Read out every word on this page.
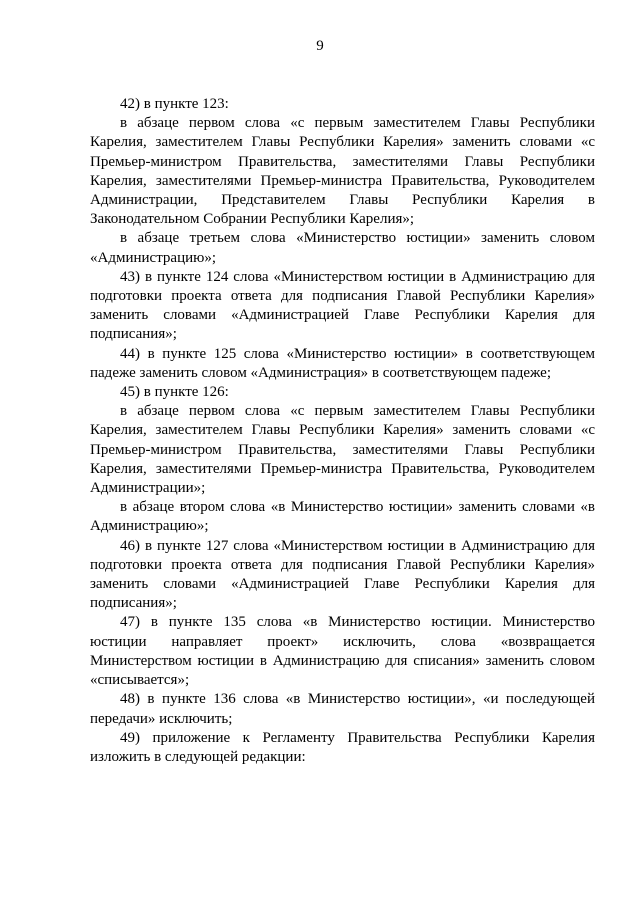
9

42) в пункте 123:

в абзаце первом слова «с первым заместителем Главы Республики Карелия, заместителем Главы Республики Карелия» заменить словами «с Премьер-министром Правительства, заместителями Главы Республики Карелия, заместителями Премьер-министра Правительства, Руководителем Администрации, Представителем Главы Республики Карелия в Законодательном Собрании Республики Карелия»;

в абзаце третьем слова «Министерство юстиции» заменить словом «Администрацию»;

43) в пункте 124 слова «Министерством юстиции в Администрацию для подготовки проекта ответа для подписания Главой Республики Карелия» заменить словами «Администрацией Главе Республики Карелия для подписания»;

44) в пункте 125 слова «Министерство юстиции» в соответствующем падеже заменить словом «Администрация» в соответствующем падеже;

45) в пункте 126:

в абзаце первом слова «с первым заместителем Главы Республики Карелия, заместителем Главы Республики Карелия» заменить словами «с Премьер-министром Правительства, заместителями Главы Республики Карелия, заместителями Премьер-министра Правительства, Руководителем Администрации»;

в абзаце втором слова «в Министерство юстиции» заменить словами «в Администрацию»;

46) в пункте 127 слова «Министерством юстиции в Администрацию для подготовки проекта ответа для подписания Главой Республики Карелия» заменить словами «Администрацией Главе Республики Карелия для подписания»;

47) в пункте 135 слова «в Министерство юстиции. Министерство юстиции направляет проект» исключить, слова «возвращается Министерством юстиции в Администрацию для списания» заменить словом «списывается»;

48) в пункте 136 слова «в Министерство юстиции», «и последующей передачи» исключить;

49) приложение к Регламенту Правительства Республики Карелия изложить в следующей редакции:
